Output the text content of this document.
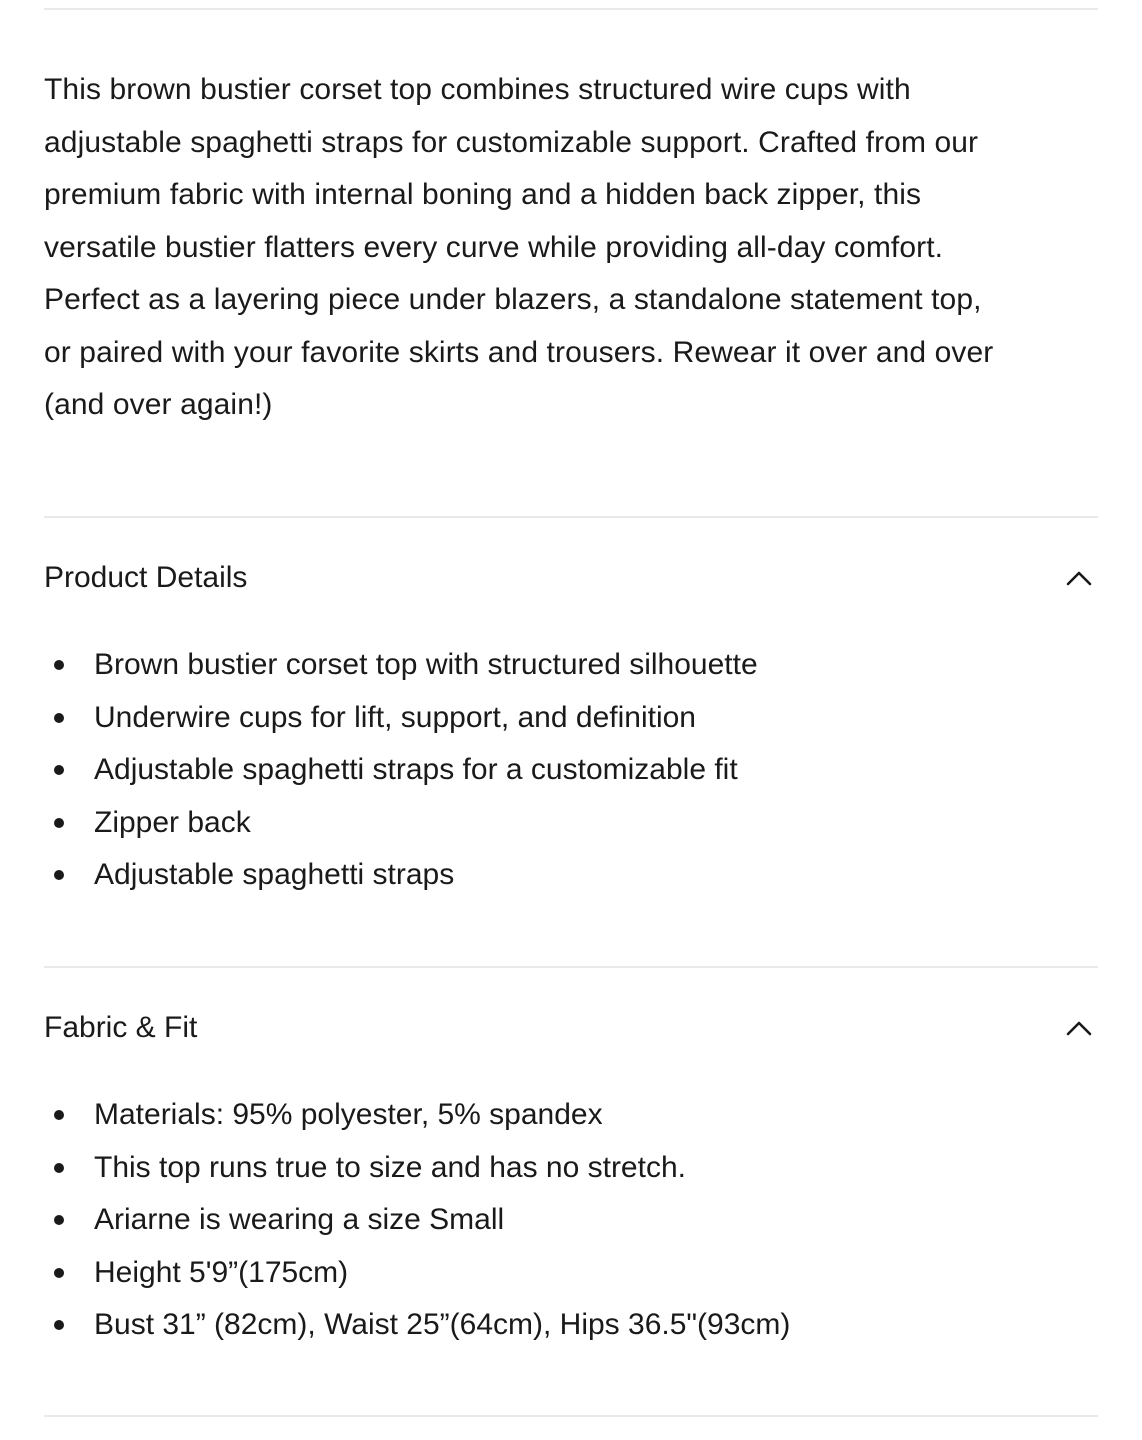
This brown bustier corset top combines structured wire cups with adjustable spaghetti straps for customizable support. Crafted from our premium fabric with internal boning and a hidden back zipper, this versatile bustier flatters every curve while providing all-day comfort. Perfect as a layering piece under blazers, a standalone statement top, or paired with your favorite skirts and trousers. Rewear it over and over (and over again!)

Product Details
Brown bustier corset top with structured silhouette
Underwire cups for lift, support, and definition
Adjustable spaghetti straps for a customizable fit
Zipper back
Adjustable spaghetti straps
Fabric & Fit
Materials: 95% polyester, 5% spandex
This top runs true to size and has no stretch.
Ariarne is wearing a size Small
Height 5'9”(175cm)
Bust 31” (82cm), Waist 25”(64cm), Hips 36.5"(93cm)
